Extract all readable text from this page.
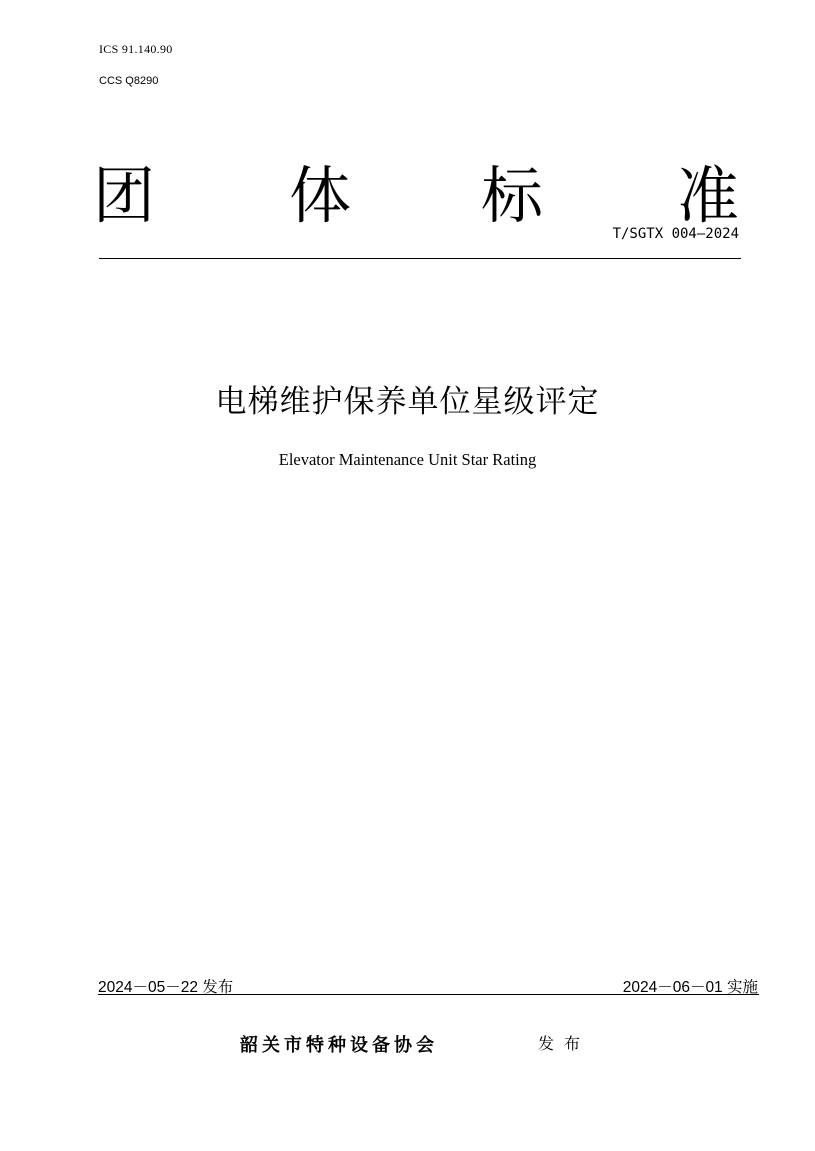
ICS 91.140.90
CCS Q8290
团 体 标 准
T/SGTX 004—2024
电梯维护保养单位星级评定
Elevator Maintenance Unit Star Rating
2024－05－22 发布	2024－06－01 实施
韶关市特种设备协会	发布
